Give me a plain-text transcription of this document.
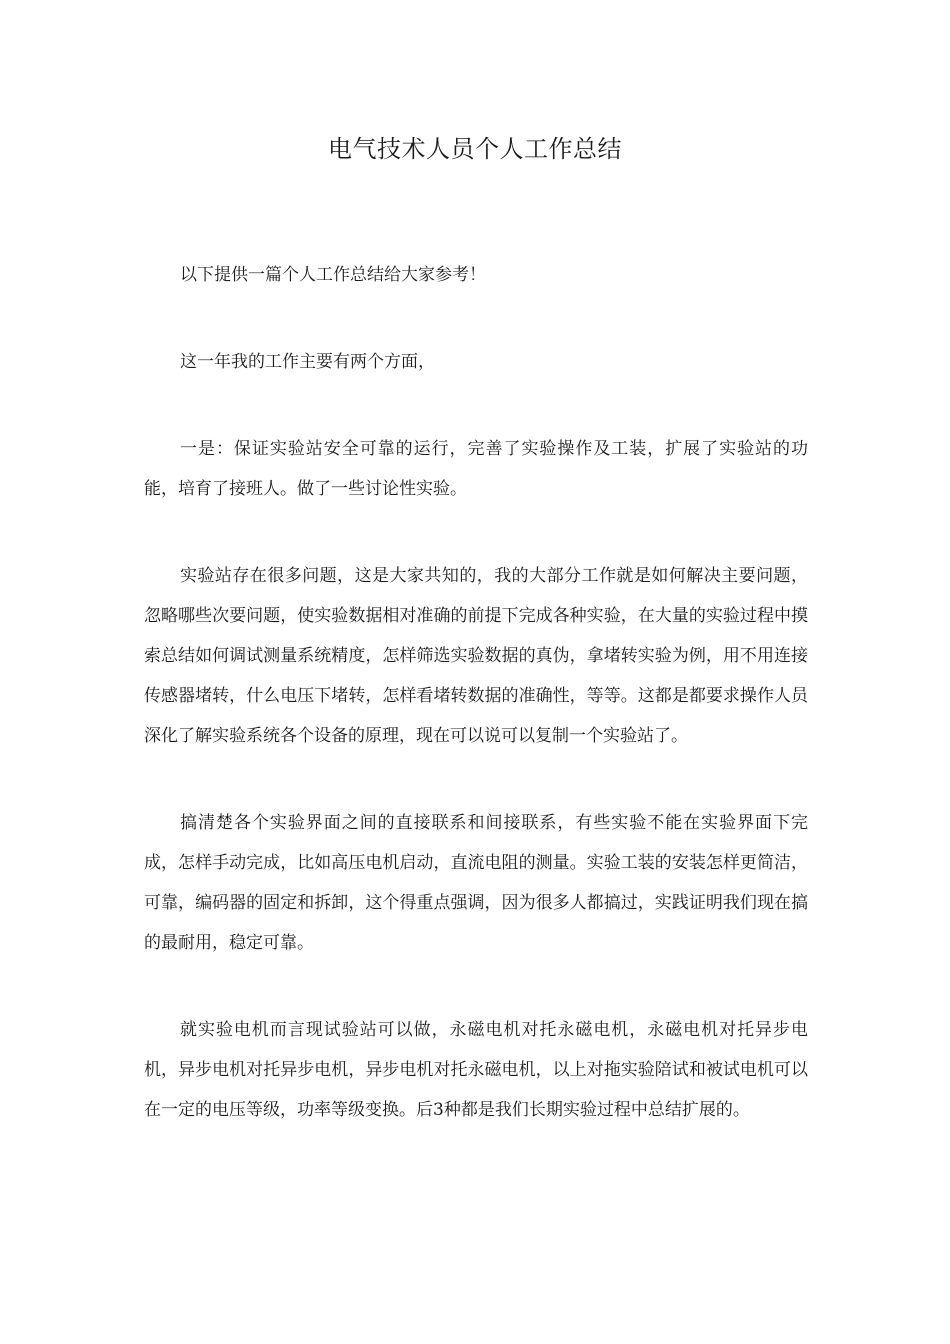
电气技术人员个人工作总结

以下提供一篇个人工作总结给大家参考！

这一年我的工作主要有两个方面，

一是：保证实验站安全可靠的运行，完善了实验操作及工装，扩展了实验站的功能，培育了接班人。做了一些讨论性实验。

实验站存在很多问题，这是大家共知的，我的大部分工作就是如何解决主要问题，忽略哪些次要问题，使实验数据相对准确的前提下完成各种实验，在大量的实验过程中摸索总结如何调试测量系统精度，怎样筛选实验数据的真伪，拿堵转实验为例，用不用连接传感器堵转，什么电压下堵转，怎样看堵转数据的准确性，等等。这都是都要求操作人员深化了解实验系统各个设备的原理，现在可以说可以复制一个实验站了。

搞清楚各个实验界面之间的直接联系和间接联系，有些实验不能在实验界面下完成，怎样手动完成，比如高压电机启动，直流电阻的测量。实验工装的安装怎样更简洁，可靠，编码器的固定和拆卸，这个得重点强调，因为很多人都搞过，实践证明我们现在搞的最耐用，稳定可靠。

就实验电机而言现试验站可以做，永磁电机对托永磁电机，永磁电机对托异步电机，异步电机对托异步电机，异步电机对托永磁电机，以上对拖实验陪试和被试电机可以在一定的电压等级，功率等级变换。后3种都是我们长期实验过程中总结扩展的。
